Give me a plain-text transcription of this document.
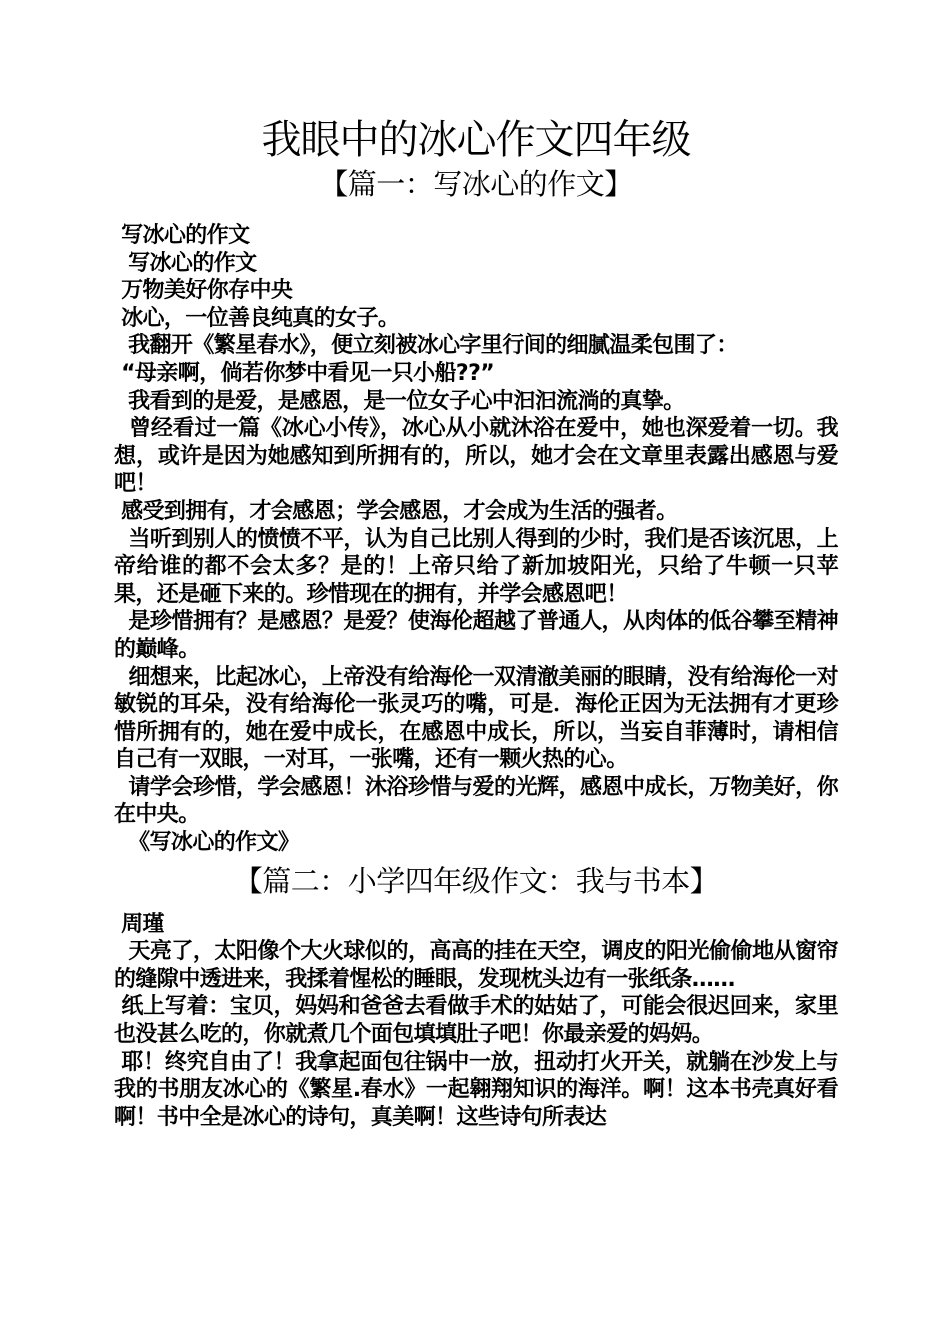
我眼中的冰心作文四年级
【篇一：写冰心的作文】

写冰心的作文

写冰心的作文

万物美好你存中央

冰心，一位善良纯真的女子。

我翻开《繁星春水》，便立刻被冰心字里行间的细腻温柔包围了：

“母亲啊，倘若你梦中看见一只小船??”

我看到的是爱，是感恩，是一位女子心中汩汩流淌的真挚。

曾经看过一篇《冰心小传》，冰心从小就沐浴在爱中，她也深爱着一切。我想，或许是因为她感知到所拥有的，所以，她才会在文章里表露出感恩与爱吧！

感受到拥有，才会感恩；学会感恩，才会成为生活的强者。

当听到别人的愤愤不平，认为自己比别人得到的少时，我们是否该沉思，上帝给谁的都不会太多？是的！上帝只给了新加坡阳光，只给了牛顿一只苹果，还是砸下来的。珍惜现在的拥有，并学会感恩吧！

是珍惜拥有？是感恩？是爱？使海伦超越了普通人，从肉体的低谷攀至精神的巅峰。

细想来，比起冰心，上帝没有给海伦一双清澈美丽的眼睛，没有给海伦一对敏锐的耳朵，没有给海伦一张灵巧的嘴，可是．海伦正因为无法拥有才更珍惜所拥有的，她在爱中成长，在感恩中成长，所以，当妄自菲薄时，请相信自己有一双眼，一对耳，一张嘴，还有一颗火热的心。

请学会珍惜，学会感恩！沐浴珍惜与爱的光辉，感恩中成长，万物美好，你在中央。

《写冰心的作文》

【篇二：小学四年级作文：我与书本】

周瑾

天亮了，太阳像个大火球似的，高高的挂在天空，调皮的阳光偷偷地从窗帘的缝隙中透进来，我揉着惺松的睡眼，发现枕头边有一张纸条……

纸上写着：宝贝，妈妈和爸爸去看做手术的姑姑了，可能会很迟回来，家里也没甚么吃的，你就煮几个面包填填肚子吧！你最亲爱的妈妈。

耶！终究自由了！我拿起面包往锅中一放，扭动打火开关，就躺在沙发上与我的书朋友冰心的《繁星.春水》一起翱翔知识的海洋。啊！这本书壳真好看啊！书中全是冰心的诗句，真美啊！这些诗句所表达
